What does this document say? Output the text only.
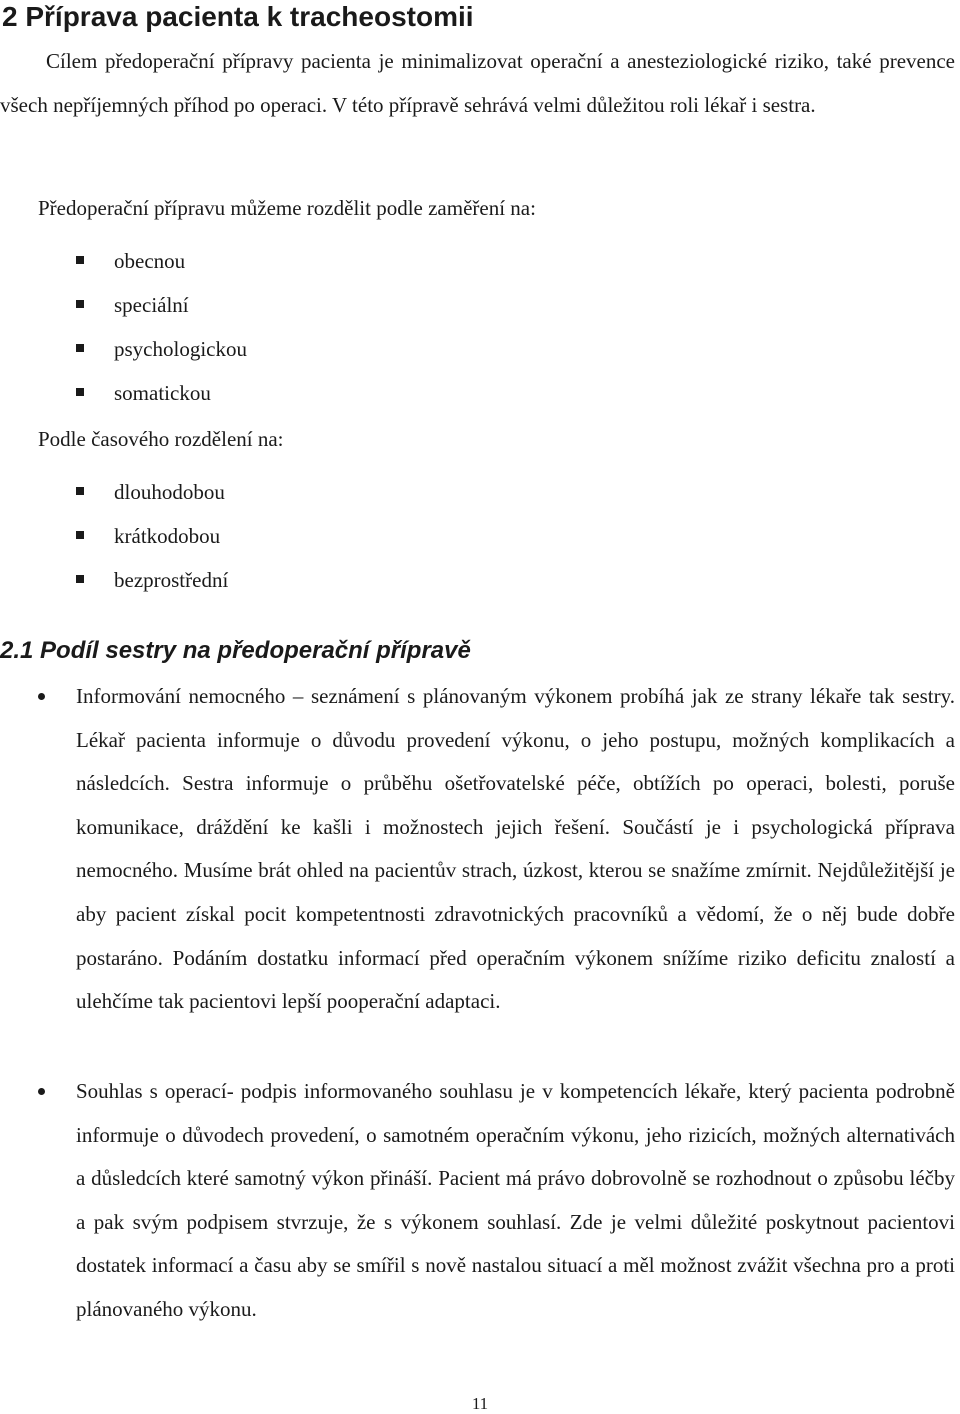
2 Příprava pacienta k tracheostomii

Cílem předoperační přípravy pacienta je minimalizovat operační a anesteziologické riziko, také prevence všech nepříjemných příhod po operaci. V této přípravě sehrává velmi důležitou roli lékař i sestra.

Předoperační přípravu můžeme rozdělit podle zaměření na:

obecnou
speciální
psychologickou
somatickou

Podle časového rozdělení na:

dlouhodobou
krátkodobou
bezprostřední
2.1 Podíl sestry na předoperační přípravě

Informování nemocného – seznámení s plánovaným výkonem probíhá jak ze strany lékaře tak sestry. Lékař pacienta informuje o důvodu provedení výkonu, o jeho postupu, možných komplikacích a následcích. Sestra informuje o průběhu ošetřovatelské péče, obtížích po operaci, bolesti, poruše komunikace, dráždění ke kašli i možnostech jejich řešení. Součástí je i psychologická příprava nemocného. Musíme brát ohled na pacientův strach, úzkost, kterou se snažíme zmírnit. Nejdůležitější je aby pacient získal pocit kompetentnosti zdravotnických pracovníků a vědomí, že o něj bude dobře postaráno. Podáním dostatku informací před operačním výkonem snížíme riziko deficitu znalostí a ulehčíme tak pacientovi lepší pooperační adaptaci.

Souhlas s operací- podpis informovaného souhlasu je v kompetencích lékaře, který pacienta podrobně informuje o důvodech provedení, o samotném operačním výkonu, jeho rizicích, možných alternativách a důsledcích které samotný výkon přináší. Pacient má právo dobrovolně se rozhodnout o způsobu léčby a pak svým podpisem stvrzuje, že s výkonem souhlasí. Zde je velmi důležité poskytnout pacientovi dostatek informací a času aby se smířil s nově nastalou situací a měl možnost zvážit všechna pro a proti plánovaného výkonu.

11
